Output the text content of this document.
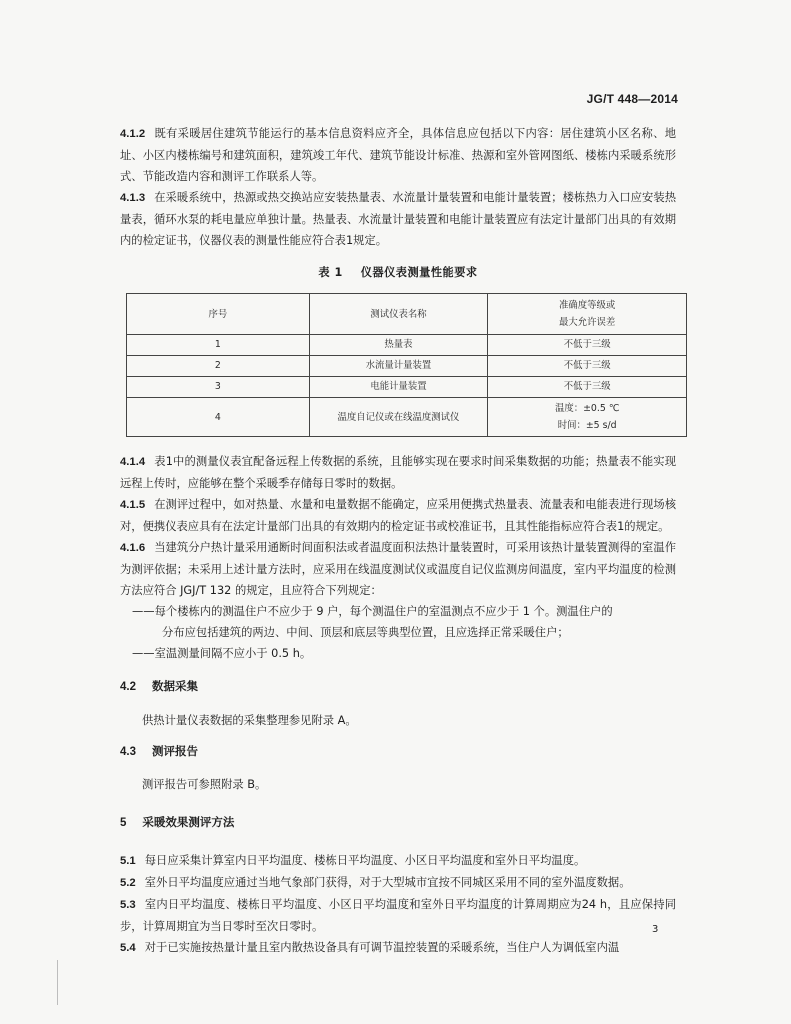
JG/T 448—2014

4.1.2 既有采暖居住建筑节能运行的基本信息资料应齐全，具体信息应包括以下内容：居住建筑小区名称、地址、小区内楼栋编号和建筑面积，建筑竣工年代、建筑节能设计标准、热源和室外管网图纸、楼栋内采暖系统形式、节能改造内容和测评工作联系人等。

4.1.3 在采暖系统中，热源或热交换站应安装热量表、水流量计量装置和电能计量装置；楼栋热力入口应安装热量表，循环水泵的耗电量应单独计量。热量表、水流量计量装置和电能计量装置应有法定计量部门出具的有效期内的检定证书，仪器仪表的测量性能应符合表1规定。

表 1 仪器仪表测量性能要求
序号	测试仪表名称	准确度等级或
最大允许误差
1	热量表	不低于三级
2	水流量计量装置	不低于三级
3	电能计量装置	不低于三级
4	温度自记仪或在线温度测试仪	温度：±0.5 ℃
时间：±5 s/d

4.1.4 表1中的测量仪表宜配备远程上传数据的系统，且能够实现在要求时间采集数据的功能；热量表不能实现远程上传时，应能够在整个采暖季存储每日零时的数据。

4.1.5 在测评过程中，如对热量、水量和电量数据不能确定，应采用便携式热量表、流量表和电能表进行现场核对，便携仪表应具有在法定计量部门出具的有效期内的检定证书或校准证书，且其性能指标应符合表1的规定。

4.1.6 当建筑分户热计量采用通断时间面积法或者温度面积法热计量装置时，可采用该热计量装置测得的室温作为测评依据；未采用上述计量方法时，应采用在线温度测试仪或温度自记仪监测房间温度，室内平均温度的检测方法应符合 JGJ/T 132 的规定，且应符合下列规定：

——每个楼栋内的测温住户不应少于 9 户，每个测温住户的室温测点不应少于 1 个。测温住户的

分布应包括建筑的两边、中间、顶层和底层等典型位置，且应选择正常采暖住户；

——室温测量间隔不应小于 0.5 h。

4.2 数据采集

供热计量仪表数据的采集整理参见附录 A。

4.3 测评报告

测评报告可参照附录 B。

5 采暖效果测评方法

5.1 每日应采集计算室内日平均温度、楼栋日平均温度、小区日平均温度和室外日平均温度。

5.2 室外日平均温度应通过当地气象部门获得，对于大型城市宜按不同城区采用不同的室外温度数据。

5.3 室内日平均温度、楼栋日平均温度、小区日平均温度和室外日平均温度的计算周期应为24 h，且应保持同步，计算周期宜为当日零时至次日零时。

5.4 对于已实施按热量计量且室内散热设备具有可调节温控装置的采暖系统，当住户人为调低室内温

3
